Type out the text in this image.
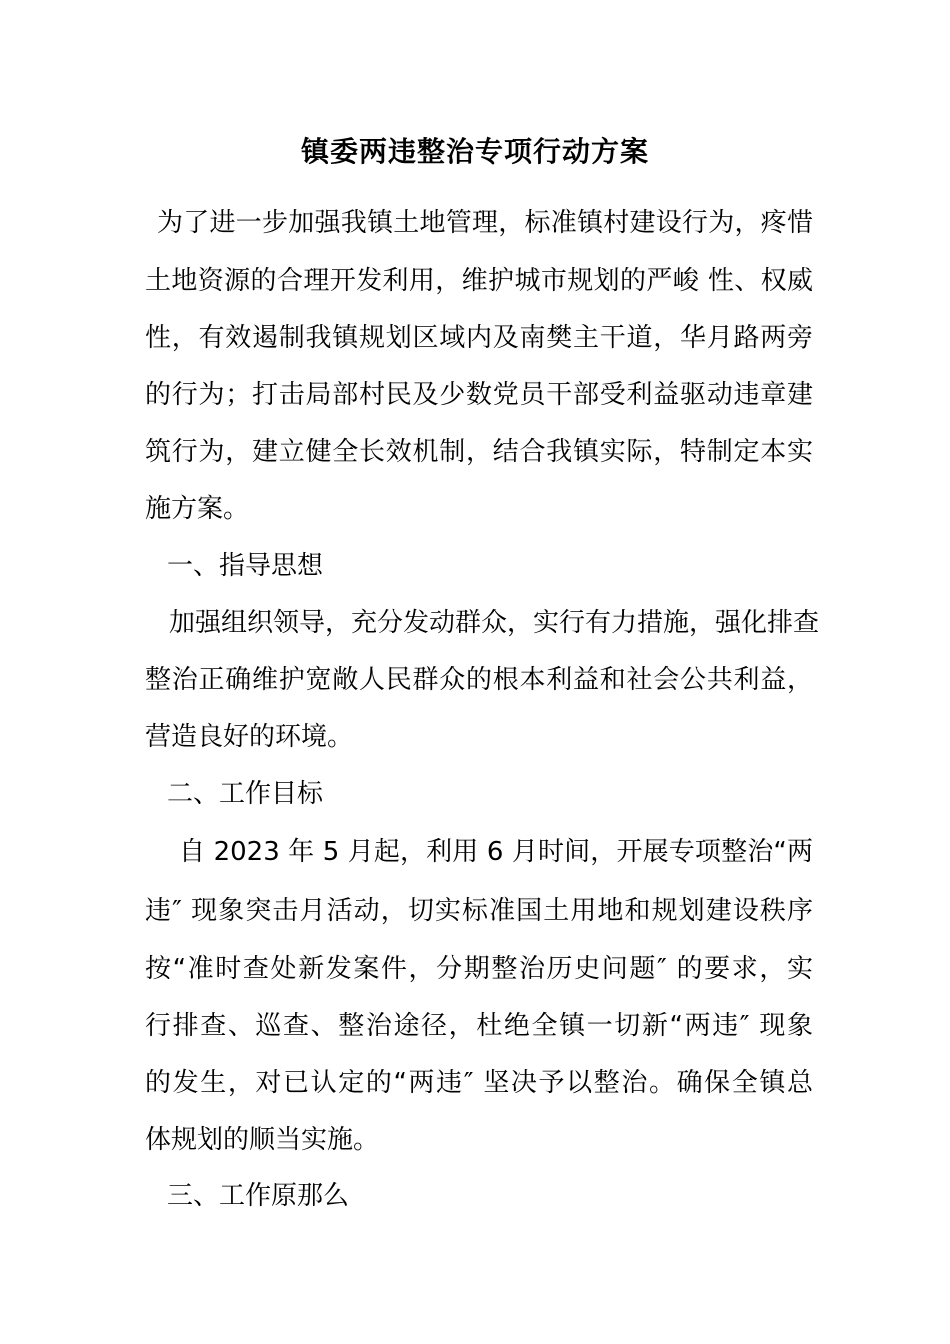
镇委两违整治专项行动方案
为了进一步加强我镇土地管理，标准镇村建设行为，疼惜
土地资源的合理开发利用，维护城市规划的严峻 性、权威
性，有效遏制我镇规划区域内及南樊主干道，华月路两旁
的行为；打击局部村民及少数党员干部受利益驱动违章建
筑行为，建立健全长效机制，结合我镇实际，特制定本实
施方案。
一、指导思想
加强组织领导，充分发动群众，实行有力措施，强化排查
整治正确维护宽敞人民群众的根本利益和社会公共利益，
营造良好的环境。
二、工作目标
自 2023 年 5 月起，利用 6 月时间，开展专项整治“两
违″ 现象突击月活动，切实标准国土用地和规划建设秩序
按“准时查处新发案件，分期整治历史问题″ 的要求，实
行排查、巡查、整治途径，杜绝全镇一切新“两违″ 现象
的发生，对已认定的“两违″ 坚决予以整治。确保全镇总
体规划的顺当实施。
三、工作原那么
